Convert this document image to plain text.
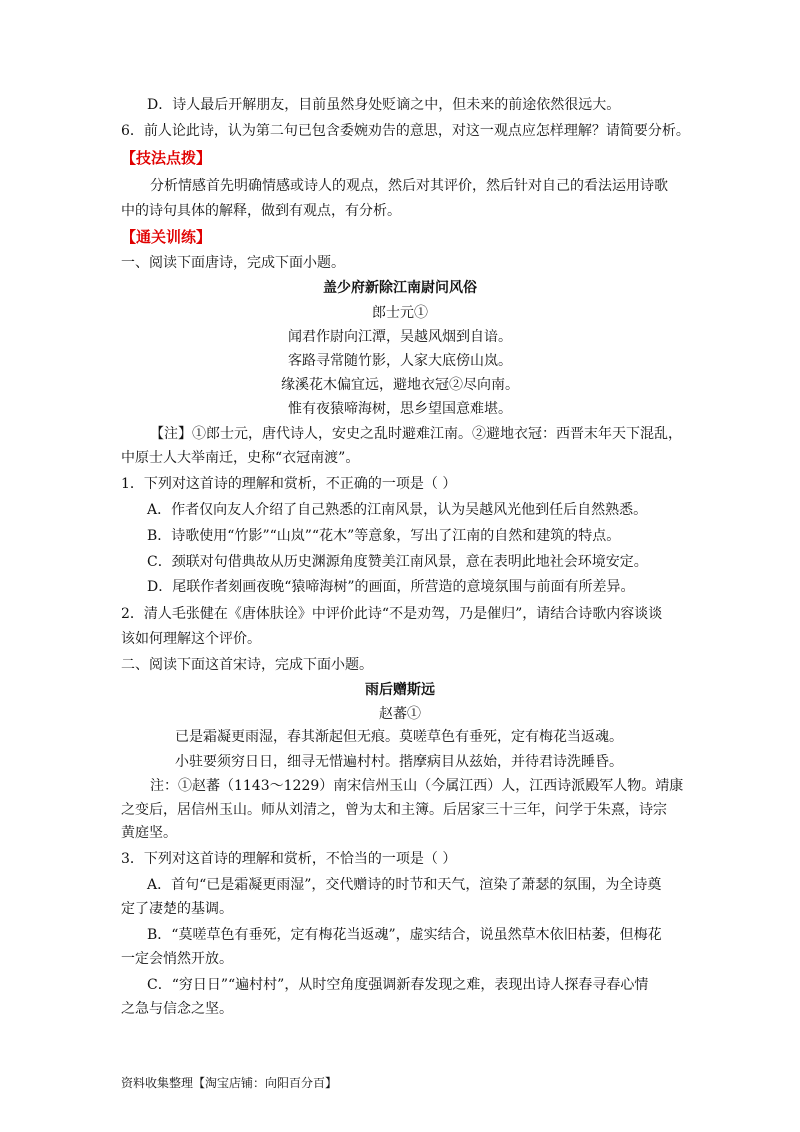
D．诗人最后开解朋友，目前虽然身处贬谪之中，但未来的前途依然很远大。
6．前人论此诗，认为第二句已包含委婉劝告的意思，对这一观点应怎样理解？请简要分析。
【技法点拨】
分析情感首先明确情感或诗人的观点，然后对其评价，然后针对自己的看法运用诗歌
中的诗句具体的解释，做到有观点，有分析。
【通关训练】
一、阅读下面唐诗，完成下面小题。
盖少府新除江南尉问风俗
郎士元①
闻君作尉向江潭，吴越风烟到自谙。
客路寻常随竹影，人家大底傍山岚。
缘溪花木偏宜远，避地衣冠②尽向南。
惟有夜猿啼海树，思乡望国意难堪。
【注】①郎士元，唐代诗人，安史之乱时避难江南。②避地衣冠：西晋末年天下混乱，
中原士人大举南迁，史称“衣冠南渡”。
1．下列对这首诗的理解和赏析，不正确的一项是（ ）
A．作者仅向友人介绍了自己熟悉的江南风景，认为吴越风光他到任后自然熟悉。
B．诗歌使用“竹影”“山岚”“花木”等意象，写出了江南的自然和建筑的特点。
C．颈联对句借典故从历史渊源角度赞美江南风景，意在表明此地社会环境安定。
D．尾联作者刻画夜晚“猿啼海树”的画面，所营造的意境氛围与前面有所差异。
2．清人毛张健在《唐体肤诠》中评价此诗“不是劝驾，乃是催归”，请结合诗歌内容谈谈
该如何理解这个评价。
二、阅读下面这首宋诗，完成下面小题。
雨后赠斯远
赵蕃①
已是霜凝更雨湿，春其渐起但无痕。莫嗟草色有垂死，定有梅花当返魂。
小驻要须穷日日，细寻无惜遍村村。揩摩病目从兹始，并待君诗洗睡昏。
注：①赵蕃（1143～1229）南宋信州玉山（今属江西）人，江西诗派殿军人物。靖康
之变后，居信州玉山。师从刘清之，曾为太和主簿。后居家三十三年，问学于朱熹，诗宗
黄庭坚。
3．下列对这首诗的理解和赏析，不恰当的一项是（ ）
A．首句“已是霜凝更雨湿”，交代赠诗的时节和天气，渲染了萧瑟的氛围，为全诗奠
定了凄楚的基调。
B．“莫嗟草色有垂死，定有梅花当返魂”，虚实结合，说虽然草木依旧枯萎，但梅花
一定会悄然开放。
C．“穷日日”“遍村村”，从时空角度强调新春发现之难，表现出诗人探春寻春心情
之急与信念之坚。
资料收集整理【淘宝店铺：向阳百分百】
